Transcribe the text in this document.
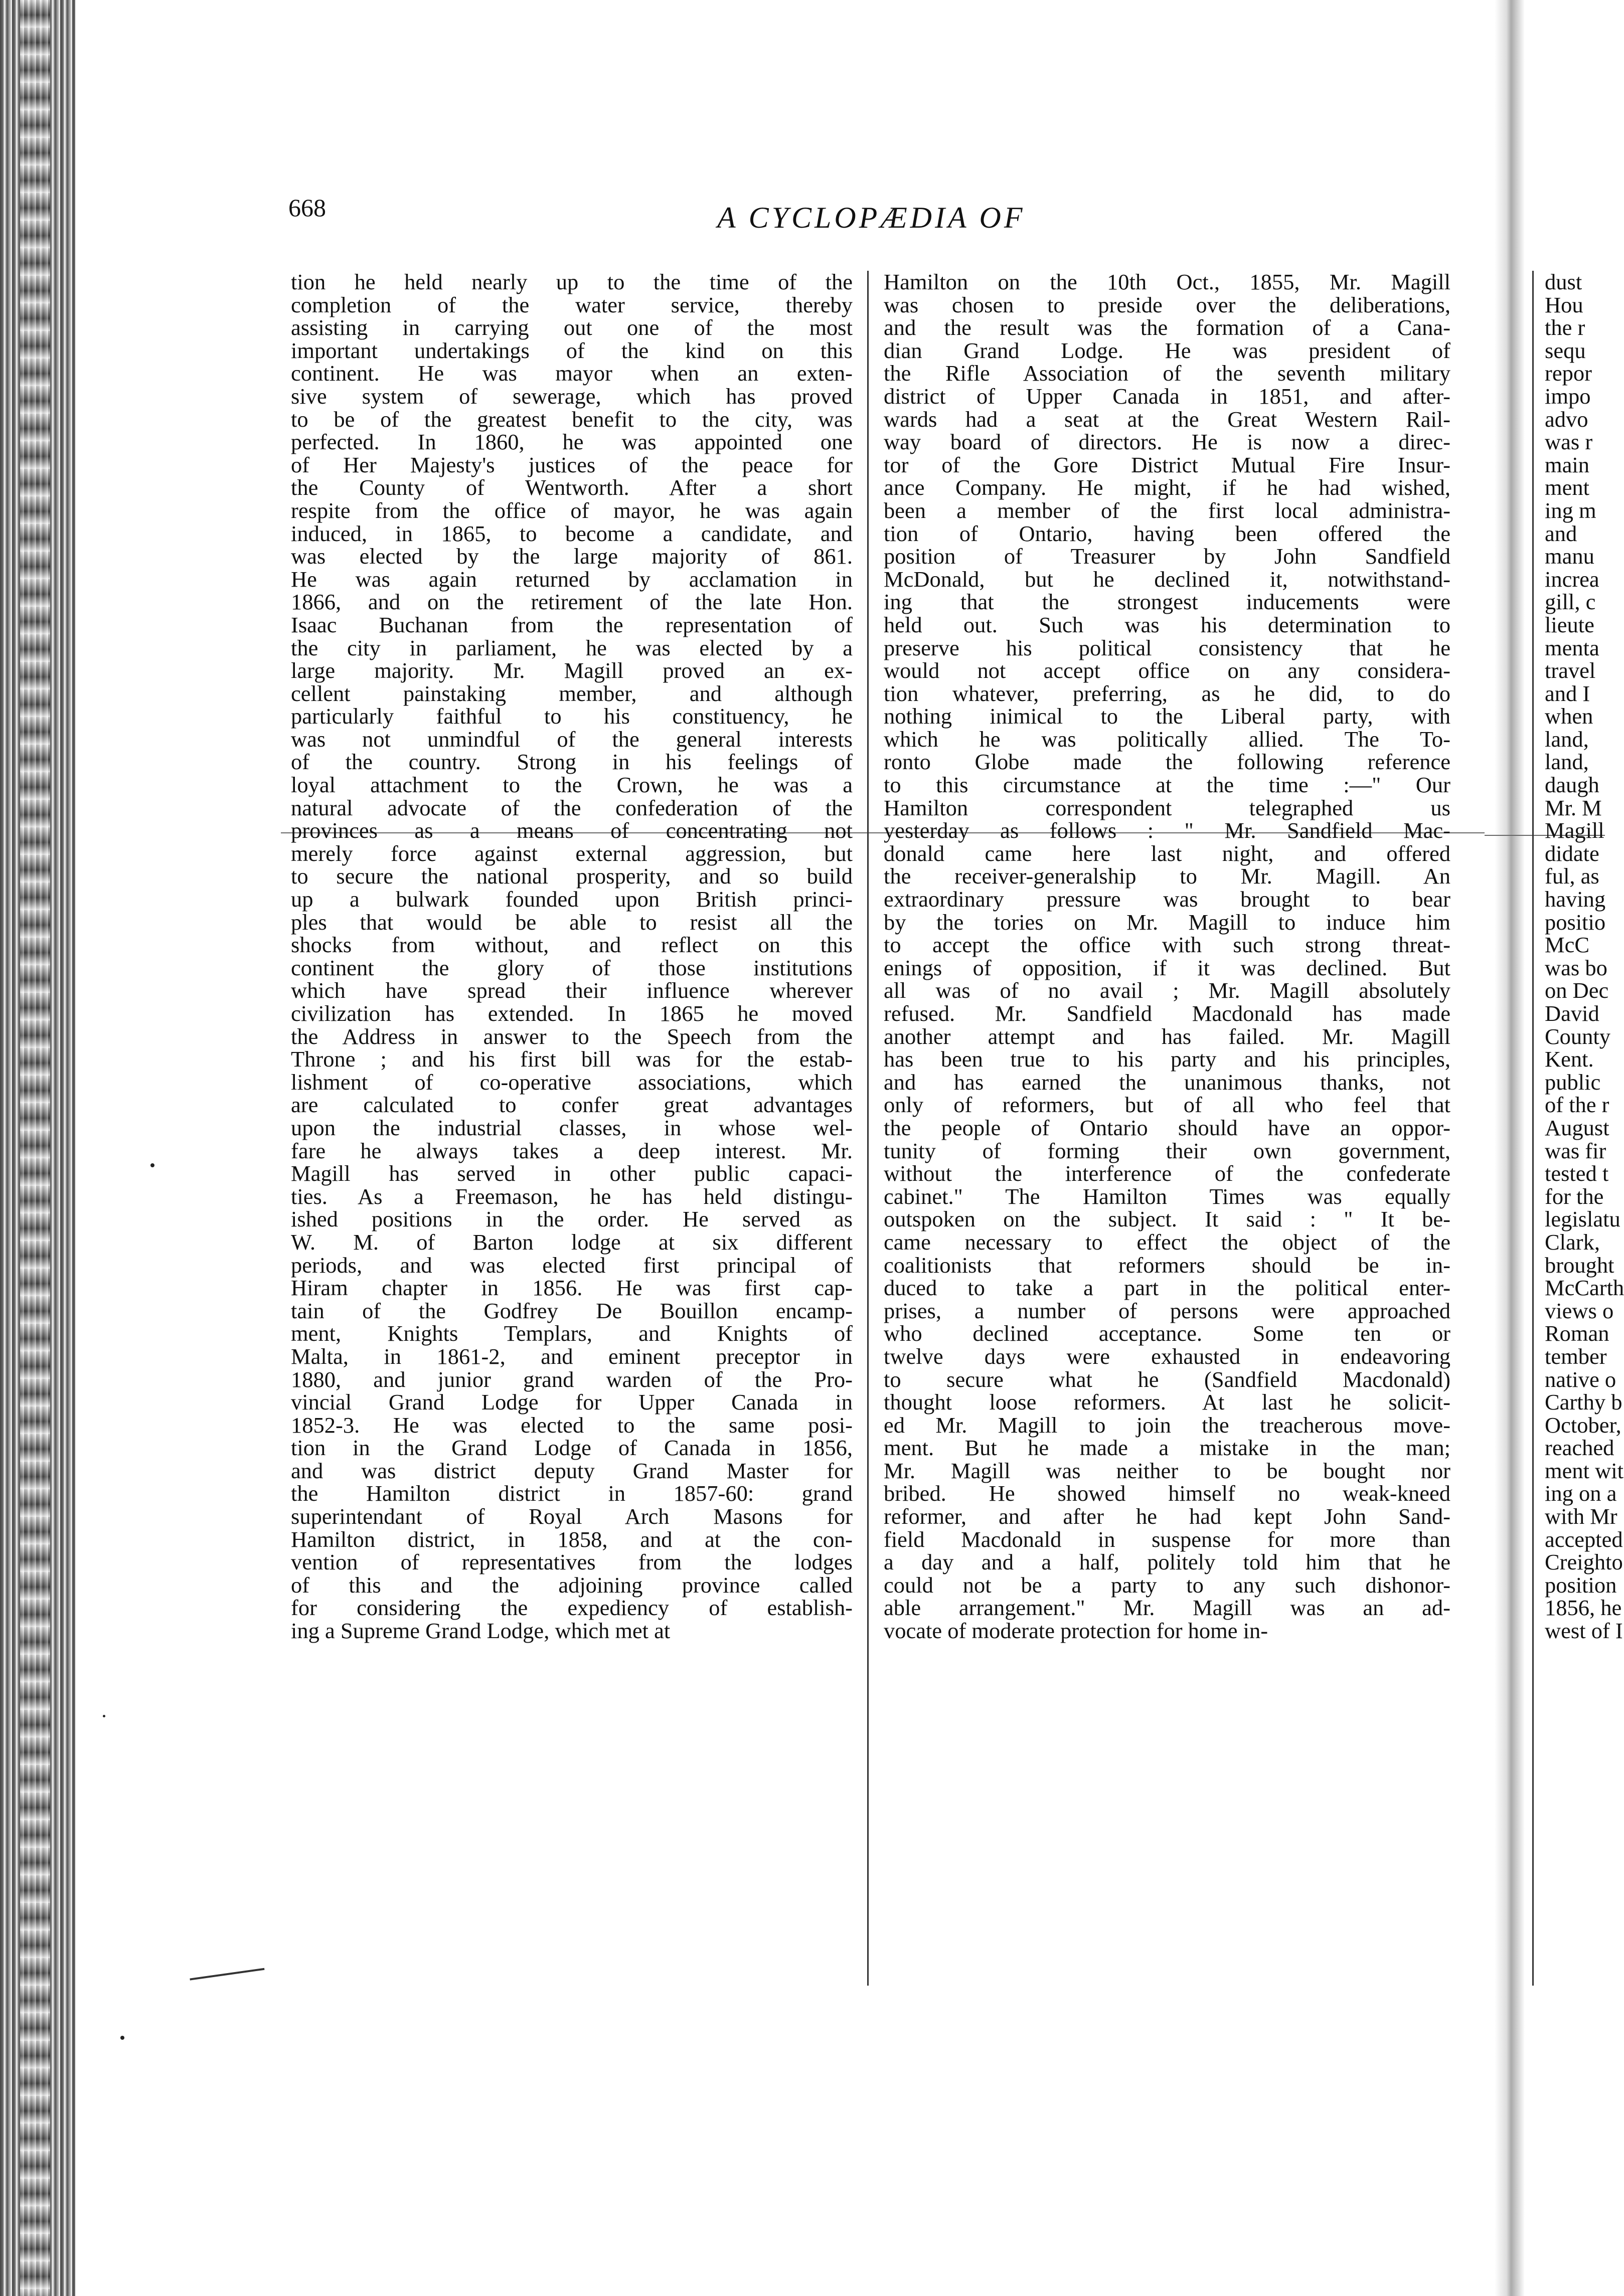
668	A CYCLOPÆDIA OF

tion he held nearly up to the time of the

completion of the water service, thereby

assisting in carrying out one of the most

important undertakings of the kind on this

continent. He was mayor when an exten-

sive system of sewerage, which has proved

to be of the greatest benefit to the city, was

perfected. In 1860, he was appointed one

of Her Majesty's justices of the peace for

the County of Wentworth. After a short

respite from the office of mayor, he was again

induced, in 1865, to become a candidate, and

was elected by the large majority of 861.

He was again returned by acclamation in

1866, and on the retirement of the late Hon.

Isaac Buchanan from the representation of

the city in parliament, he was elected by a

large majority. Mr. Magill proved an ex-

cellent painstaking member, and although

particularly faithful to his constituency, he

was not unmindful of the general interests

of the country. Strong in his feelings of

loyal attachment to the Crown, he was a

natural advocate of the confederation of the

provinces as a means of concentrating not

merely force against external aggression, but

to secure the national prosperity, and so build

up a bulwark founded upon British princi-

ples that would be able to resist all the

shocks from without, and reflect on this

continent the glory of those institutions

which have spread their influence wherever

civilization has extended. In 1865 he moved

the Address in answer to the Speech from the

Throne ; and his first bill was for the estab-

lishment of co-operative associations, which

are calculated to confer great advantages

upon the industrial classes, in whose wel-

fare he always takes a deep interest. Mr.

Magill has served in other public capaci-

ties. As a Freemason, he has held distingu-

ished positions in the order. He served as

W. M. of Barton lodge at six different

periods, and was elected first principal of

Hiram chapter in 1856. He was first cap-

tain of the Godfrey De Bouillon encamp-

ment, Knights Templars, and Knights of

Malta, in 1861-2, and eminent preceptor in

1880, and junior grand warden of the Pro-

vincial Grand Lodge for Upper Canada in

1852-3. He was elected to the same posi-

tion in the Grand Lodge of Canada in 1856,

and was district deputy Grand Master for

the Hamilton district in 1857-60: grand

superintendant of Royal Arch Masons for

Hamilton district, in 1858, and at the con-

vention of representatives from the lodges

of this and the adjoining province called

for considering the expediency of establish-

ing a Supreme Grand Lodge, which met at

Hamilton on the 10th Oct., 1855, Mr. Magill

was chosen to preside over the deliberations,

and the result was the formation of a Cana-

dian Grand Lodge. He was president of

the Rifle Association of the seventh military

district of Upper Canada in 1851, and after-

wards had a seat at the Great Western Rail-

way board of directors. He is now a direc-

tor of the Gore District Mutual Fire Insur-

ance Company. He might, if he had wished,

been a member of the first local administra-

tion of Ontario, having been offered the

position of Treasurer by John Sandfield

McDonald, but he declined it, notwithstand-

ing that the strongest inducements were

held out. Such was his determination to

preserve his political consistency that he

would not accept office on any considera-

tion whatever, preferring, as he did, to do

nothing inimical to the Liberal party, with

which he was politically allied. The To-

ronto Globe made the following reference

to this circumstance at the time :—" Our

Hamilton correspondent telegraphed us

yesterday as follows : " Mr. Sandfield Mac-

donald came here last night, and offered

the receiver-generalship to Mr. Magill. An

extraordinary pressure was brought to bear

by the tories on Mr. Magill to induce him

to accept the office with such strong threat-

enings of opposition, if it was declined. But

all was of no avail ; Mr. Magill absolutely

refused. Mr. Sandfield Macdonald has made

another attempt and has failed. Mr. Magill

has been true to his party and his principles,

and has earned the unanimous thanks, not

only of reformers, but of all who feel that

the people of Ontario should have an oppor-

tunity of forming their own government,

without the interference of the confederate

cabinet." The Hamilton Times was equally

outspoken on the subject. It said : " It be-

came necessary to effect the object of the

coalitionists that reformers should be in-

duced to take a part in the political enter-

prises, a number of persons were approached

who declined acceptance. Some ten or

twelve days were exhausted in endeavoring

to secure what he (Sandfield Macdonald)

thought loose reformers. At last he solicit-

ed Mr. Magill to join the treacherous move-

ment. But he made a mistake in the man;

Mr. Magill was neither to be bought nor

bribed. He showed himself no weak-kneed

reformer, and after he had kept John Sand-

field Macdonald in suspense for more than

a day and a half, politely told him that he

could not be a party to any such dishonor-

able arrangement." Mr. Magill was an ad-

vocate of moderate protection for home in-

dust

Hou

the r

sequ

repor

impo

advo

was r

main

ment

ing m

and

manu

increa

gill, c

lieute

menta

travel

and I

when

land,

land,

daugh

Mr. M

Magill

didate

ful, as

having

positio

McC

was bo

on Dec

David

County

Kent.

public

of the r

August

was fir

tested t

for the

legislatu

Clark,

brought

McCarth

views o

Roman

tember

native o

Carthy b

October,

reached

ment wit

ing on a

with Mr

accepted

Creighto

position

1856, he

west of I
